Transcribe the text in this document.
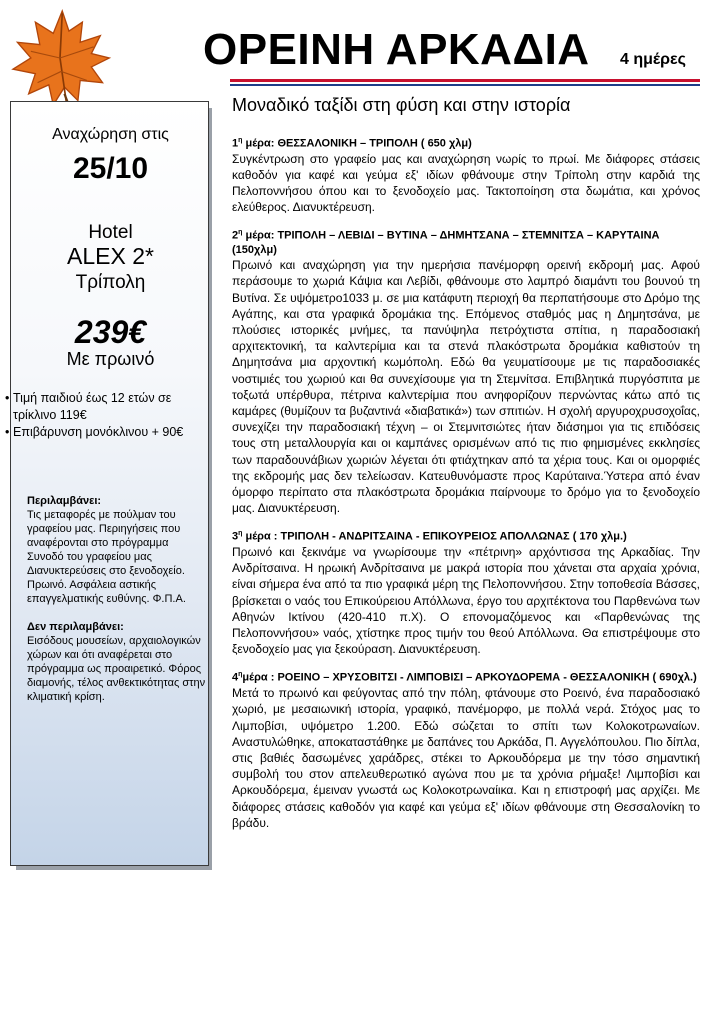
ΟΡΕΙΝΗ ΑΡΚΑΔΙΑ 4 ημέρες
Αναχώρηση στις
25/10
Hotel
ALEX 2*
Τρίπολη
239€
Με πρωινό
• Τιμή παιδιού έως 12 ετών σε τρίκλινο 119€
• Επιβάρυνση μονόκλινου + 90€
Περιλαμβάνει:
Τις μεταφορές με πούλμαν του γραφείου μας. Περιηγήσεις που αναφέρονται στο πρόγραμμα Συνοδό του γραφείου μας Διανυκτερεύσεις στο ξενοδοχείο. Πρωινό. Ασφάλεια αστικής επαγγελματικής ευθύνης. Φ.Π.Α.
Δεν περιλαμβάνει:
Εισόδους μουσείων, αρχαιολογικών χώρων και ότι αναφέρεται στο πρόγραμμα ως προαιρετικό. Φόρος διαμονής, τέλος ανθεκτικότητας στην κλιματική κρίση.
Μοναδικό ταξίδι στη φύση και στην ιστορία
$1^\eta$ μέρα: ΘΕΣΣΑΛΟΝΙΚΗ – ΤΡΙΠΟΛΗ ( 650 χλμ)

Συγκέντρωση στο γραφείο μας και αναχώρηση νωρίς το πρωί. Με διάφορες στάσεις καθοδόν για καφέ και γεύμα εξ' ιδίων φθάνουμε στην Τρίπολη στην καρδιά της Πελοποννήσου όπου και το ξενοδοχείο μας. Τακτοποίηση στα δωμάτια, και χρόνος ελεύθερος. Διανυκτέρευση.

$2^\eta$ μέρα: ΤΡΙΠΟΛΗ – ΛΕΒΙΔΙ – ΒΥΤΙΝΑ – ΔΗΜΗΤΣΑΝΑ – ΣΤΕΜΝΙΤΣΑ – ΚΑΡΥΤΑΙΝΑ (150χλμ)

Πρωινό και αναχώρηση για την ημερήσια πανέμορφη ορεινή εκδρομή μας. Αφού περάσουμε το χωριά Κάψια και Λεβίδι, φθάνουμε στο λαμπρό διαμάντι του βουνού τη Βυτίνα. Σε υψόμετρο1033 μ. σε μια κατάφυτη περιοχή θα περπατήσουμε στο Δρόμο της Αγάπης, και στα γραφικά δρομάκια της. Επόμενος σταθμός μας η Δημητσάνα, με πλούσιες ιστορικές μνήμες, τα πανύψηλα πετρόχτιστα σπίτια, η παραδοσιακή αρχιτεκτονική, τα καλντερίμια και τα στενά πλακόστρωτα δρομάκια καθιστούν τη Δημητσάνα μια αρχοντική κωμόπολη. Εδώ θα γευματίσουμε με τις παραδοσιακές νοστιμιές του χωριού και θα συνεχίσουμε για τη Στεμνίτσα. Επιβλητικά πυργόσπιτα με τοξωτά υπέρθυρα, πέτρινα καλντερίμια που ανηφορίζουν περνώντας κάτω από τις καμάρες (θυμίζουν τα βυζαντινά «διαβατικά») των σπιτιών. Η σχολή αργυροχρυσοχοΐας, συνεχίζει την παραδοσιακή τέχνη – οι Στεμνιτσιώτες ήταν διάσημοι για τις επιδόσεις τους στη μεταλλουργία και οι καμπάνες ορισμένων από τις πιο φημισμένες εκκλησίες των παραδουνάβιων χωριών λέγεται ότι φτιάχτηκαν από τα χέρια τους. Και οι ομορφιές της εκδρομής μας δεν τελείωσαν. Κατευθυνόμαστε προς Καρύταινα.Ύστερα από έναν όμορφο περίπατο στα πλακόστρωτα δρομάκια παίρνουμε το δρόμο για το ξενοδοχείο μας. Διανυκτέρευση.

$3^\eta$ μέρα : ΤΡΙΠΟΛΗ - ΑΝΔΡΙΤΣΑΙΝΑ - ΕΠΙΚΟΥΡΕΙΟΣ ΑΠΟΛΛΩΝΑΣ ( 170 χλμ.)

Πρωινό και ξεκινάμε να γνωρίσουμε την «πέτρινη» αρχόντισσα της Αρκαδίας. Την Ανδρίτσαινα. Η ηρωική Ανδρίτσαινα με μακρά ιστορία που χάνεται στα αρχαία χρόνια, είναι σήμερα ένα από τα πιο γραφικά μέρη της Πελοποννήσου. Στην τοποθεσία Βάσσες, βρίσκεται ο ναός του Επικούρειου Απόλλωνα, έργο του αρχιτέκτονα του Παρθενώνα των Αθηνών Ικτίνου (420-410 π.Χ). Ο επονομαζόμενος και «Παρθενώνας της Πελοποννήσου» ναός, χτίστηκε προς τιμήν του θεού Απόλλωνα. Θα επιστρέψουμε στο ξενοδοχείο μας για ξεκούραση. Διανυκτέρευση.

$4^\eta\mu έ\rho\alpha$ : ΡΟΕΙΝΟ – ΧΡΥΣΟΒΙΤΣΙ - ΛΙΜΠΟΒΙΣΙ – ΑΡΚΟΥΔΟΡΕΜΑ - ΘΕΣΣΑΛΟΝΙΚΗ ( 690χλ.)

Μετά το πρωινό και φεύγοντας από την πόλη, φτάνουμε στο Ροεινό, ένα παραδοσιακό χωριό, με μεσαιωνική ιστορία, γραφικό, πανέμορφο, με πολλά νερά. Στόχος μας το Λιμποβίσι, υψόμετρο 1.200. Εδώ σώζεται το σπίτι των Κολοκοτρωναίων. Αναστυλώθηκε, αποκαταστάθηκε με δαπάνες του Αρκάδα, Π. Αγγελόπουλου. Πιο δίπλα, στις βαθιές δασωμένες χαράδρες, στέκει το Αρκουδόρεμα με την τόσο σημαντική συμβολή του στον απελευθερωτικό αγώνα που με τα χρόνια ρήμαξε! Λιμποβίσι και Αρκουδόρεμα, έμειναν γνωστά ως Κολοκοτρωναίικα. Και η επιστροφή μας αρχίζει. Με διάφορες στάσεις καθοδόν για καφέ και γεύμα εξ' ιδίων φθάνουμε στη Θεσσαλονίκη το βράδυ.
